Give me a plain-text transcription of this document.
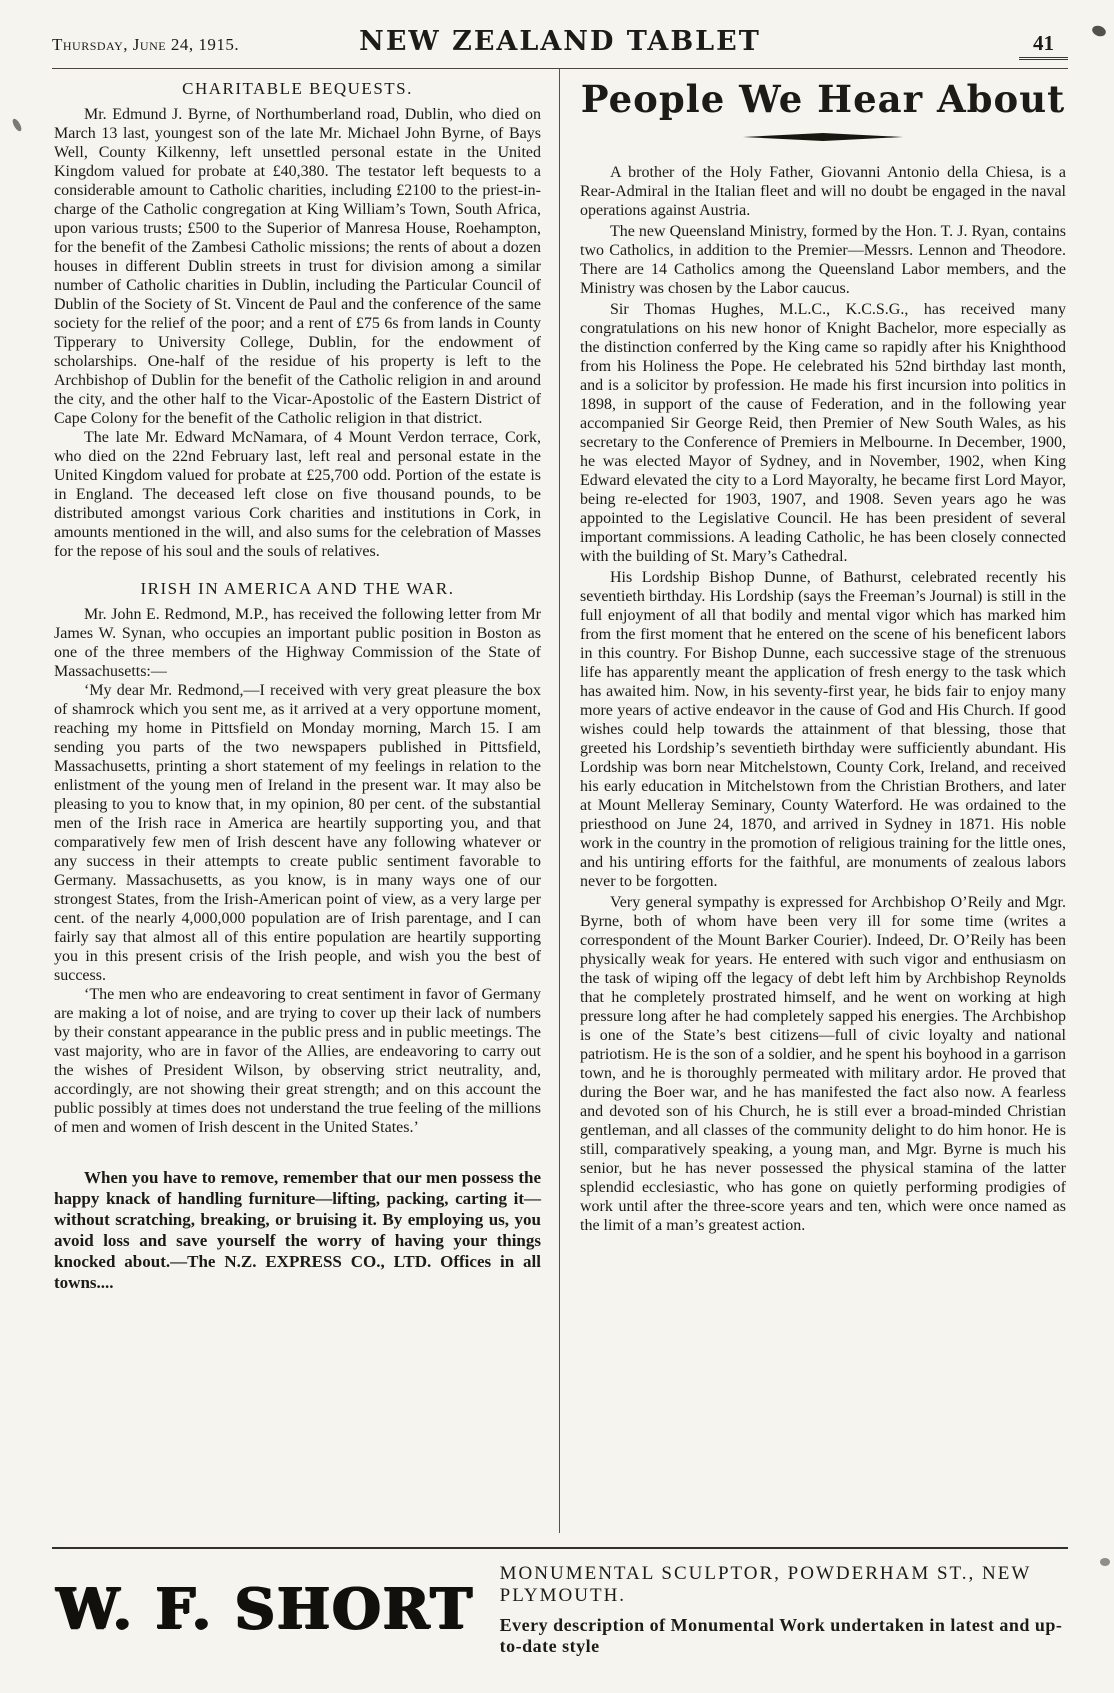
Thursday, June 24, 1915.	NEW ZEALAND TABLET	41
CHARITABLE BEQUESTS.

Mr. Edmund J. Byrne, of Northumberland road, Dublin, who died on March 13 last, youngest son of the late Mr. Michael John Byrne, of Bays Well, County Kilkenny, left unsettled personal estate in the United Kingdom valued for probate at £40,380. The testator left bequests to a considerable amount to Catholic charities, including £2100 to the priest-in-charge of the Catholic congregation at King William’s Town, South Africa, upon various trusts; £500 to the Superior of Manresa House, Roehampton, for the benefit of the Zambesi Catholic missions; the rents of about a dozen houses in different Dublin streets in trust for division among a similar number of Catholic charities in Dublin, including the Particular Council of Dublin of the Society of St. Vincent de Paul and the conference of the same society for the relief of the poor; and a rent of £75 6s from lands in County Tipperary to University College, Dublin, for the endowment of scholarships. One-half of the residue of his property is left to the Archbishop of Dublin for the benefit of the Catholic religion in and around the city, and the other half to the Vicar-Apostolic of the Eastern District of Cape Colony for the benefit of the Catholic religion in that district.

The late Mr. Edward McNamara, of 4 Mount Verdon terrace, Cork, who died on the 22nd February last, left real and personal estate in the United Kingdom valued for probate at £25,700 odd. Portion of the estate is in England. The deceased left close on five thousand pounds, to be distributed amongst various Cork charities and institutions in Cork, in amounts mentioned in the will, and also sums for the celebration of Masses for the repose of his soul and the souls of relatives.

IRISH IN AMERICA AND THE WAR.

Mr. John E. Redmond, M.P., has received the following letter from Mr James W. Synan, who occupies an important public position in Boston as one of the three members of the Highway Commission of the State of Massachusetts:—

‘My dear Mr. Redmond,—I received with very great pleasure the box of shamrock which you sent me, as it arrived at a very opportune moment, reaching my home in Pittsfield on Monday morning, March 15. I am sending you parts of the two newspapers published in Pittsfield, Massachusetts, printing a short statement of my feelings in relation to the enlistment of the young men of Ireland in the present war. It may also be pleasing to you to know that, in my opinion, 80 per cent. of the substantial men of the Irish race in America are heartily supporting you, and that comparatively few men of Irish descent have any following whatever or any success in their attempts to create public sentiment favorable to Germany. Massachusetts, as you know, is in many ways one of our strongest States, from the Irish-American point of view, as a very large per cent. of the nearly 4,000,000 population are of Irish parentage, and I can fairly say that almost all of this entire population are heartily supporting you in this present crisis of the Irish people, and wish you the best of success.

‘The men who are endeavoring to creat sentiment in favor of Germany are making a lot of noise, and are trying to cover up their lack of numbers by their constant appearance in the public press and in public meetings. The vast majority, who are in favor of the Allies, are endeavoring to carry out the wishes of President Wilson, by observing strict neutrality, and, accordingly, are not showing their great strength; and on this account the public possibly at times does not understand the true feeling of the millions of men and women of Irish descent in the United States.’

When you have to remove, remember that our men possess the happy knack of handling furniture—lifting, packing, carting it—without scratching, breaking, or bruising it. By employing us, you avoid loss and save yourself the worry of having your things knocked about.—The N.Z. EXPRESS CO., LTD. Offices in all towns....

People We Hear About

A brother of the Holy Father, Giovanni Antonio della Chiesa, is a Rear-Admiral in the Italian fleet and will no doubt be engaged in the naval operations against Austria.

The new Queensland Ministry, formed by the Hon. T. J. Ryan, contains two Catholics, in addition to the Premier—Messrs. Lennon and Theodore. There are 14 Catholics among the Queensland Labor members, and the Ministry was chosen by the Labor caucus.

Sir Thomas Hughes, M.L.C., K.C.S.G., has received many congratulations on his new honor of Knight Bachelor, more especially as the distinction conferred by the King came so rapidly after his Knighthood from his Holiness the Pope. He celebrated his 52nd birthday last month, and is a solicitor by profession. He made his first incursion into politics in 1898, in support of the cause of Federation, and in the following year accompanied Sir George Reid, then Premier of New South Wales, as his secretary to the Conference of Premiers in Melbourne. In December, 1900, he was elected Mayor of Sydney, and in November, 1902, when King Edward elevated the city to a Lord Mayoralty, he became first Lord Mayor, being re-elected for 1903, 1907, and 1908. Seven years ago he was appointed to the Legislative Council. He has been president of several important commissions. A leading Catholic, he has been closely connected with the building of St. Mary’s Cathedral.

His Lordship Bishop Dunne, of Bathurst, celebrated recently his seventieth birthday. His Lordship (says the Freeman’s Journal) is still in the full enjoyment of all that bodily and mental vigor which has marked him from the first moment that he entered on the scene of his beneficent labors in this country. For Bishop Dunne, each successive stage of the strenuous life has apparently meant the application of fresh energy to the task which has awaited him. Now, in his seventy-first year, he bids fair to enjoy many more years of active endeavor in the cause of God and His Church. If good wishes could help towards the attainment of that blessing, those that greeted his Lordship’s seventieth birthday were sufficiently abundant. His Lordship was born near Mitchelstown, County Cork, Ireland, and received his early education in Mitchelstown from the Christian Brothers, and later at Mount Melleray Seminary, County Waterford. He was ordained to the priesthood on June 24, 1870, and arrived in Sydney in 1871. His noble work in the country in the promotion of religious training for the little ones, and his untiring efforts for the faithful, are monuments of zealous labors never to be forgotten.

Very general sympathy is expressed for Archbishop O’Reily and Mgr. Byrne, both of whom have been very ill for some time (writes a correspondent of the Mount Barker Courier). Indeed, Dr. O’Reily has been physically weak for years. He entered with such vigor and enthusiasm on the task of wiping off the legacy of debt left him by Archbishop Reynolds that he completely prostrated himself, and he went on working at high pressure long after he had completely sapped his energies. The Archbishop is one of the State’s best citizens—full of civic loyalty and national patriotism. He is the son of a soldier, and he spent his boyhood in a garrison town, and he is thoroughly permeated with military ardor. He proved that during the Boer war, and he has manifested the fact also now. A fearless and devoted son of his Church, he is still ever a broad-minded Christian gentleman, and all classes of the community delight to do him honor. He is still, comparatively speaking, a young man, and Mgr. Byrne is much his senior, but he has never possessed the physical stamina of the latter splendid ecclesiastic, who has gone on quietly performing prodigies of work until after the three-score years and ten, which were once named as the limit of a man’s greatest action.

W. F. SHORT
MONUMENTAL SCULPTOR, POWDERHAM ST., NEW PLYMOUTH.
Every description of Monumental Work undertaken in latest and up-to-date style
